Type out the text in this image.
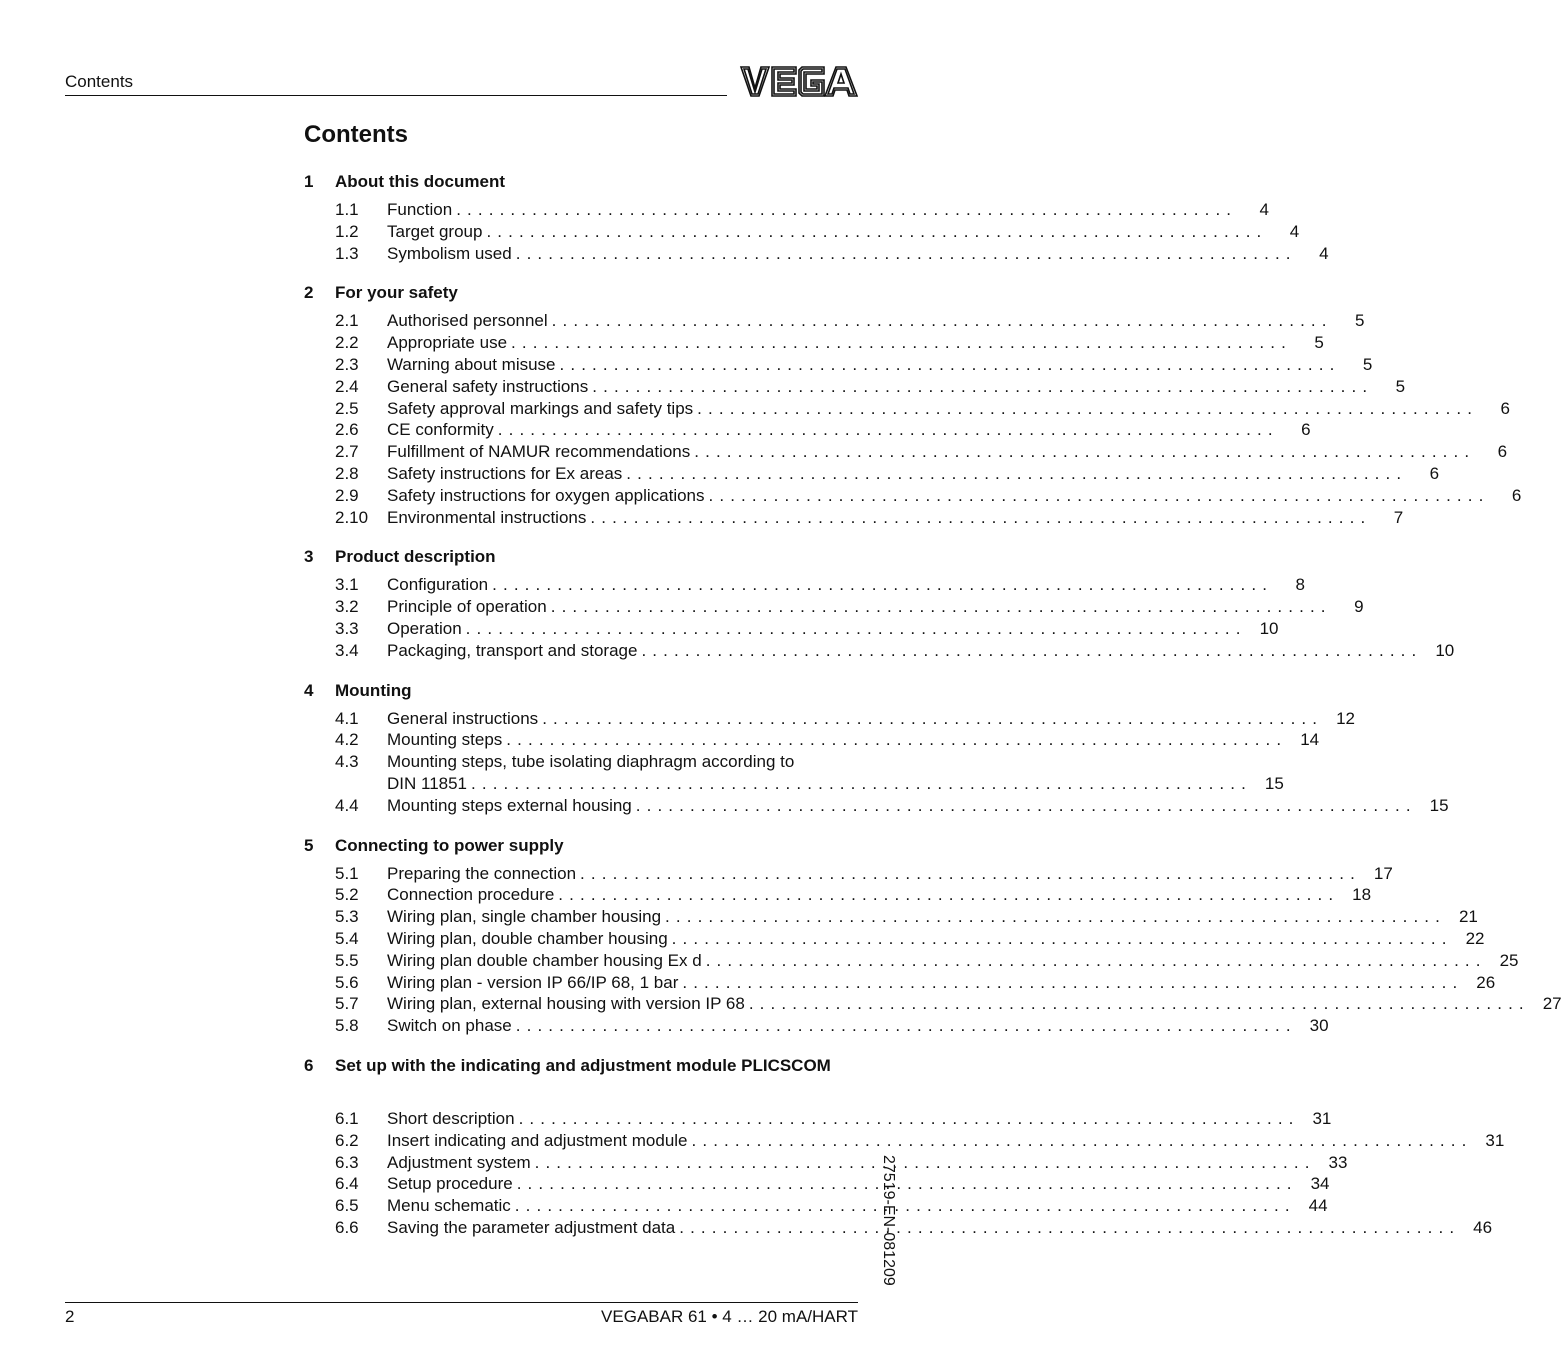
Contents
Contents
1	About this document
1.1	Function . . .	4
1.2	Target group . . .	4
1.3	Symbolism used . . .	4
2	For your safety
2.1	Authorised personnel . . .	5
2.2	Appropriate use . . .	5
2.3	Warning about misuse . . .	5
2.4	General safety instructions . . .	5
2.5	Safety approval markings and safety tips . . .	6
2.6	CE conformity . . .	6
2.7	Fulfillment of NAMUR recommendations . . .	6
2.8	Safety instructions for Ex areas . . .	6
2.9	Safety instructions for oxygen applications . . .	6
2.10	Environmental instructions . . .	7
3	Product description
3.1	Configuration . . .	8
3.2	Principle of operation . . .	9
3.3	Operation . . .	10
3.4	Packaging, transport and storage . . .	10
4	Mounting
4.1	General instructions . . .	12
4.2	Mounting steps . . .	14
4.3	Mounting steps, tube isolating diaphragm according to
DIN 11851 . . .	15
4.4	Mounting steps external housing . . .	15
5	Connecting to power supply
5.1	Preparing the connection . . .	17
5.2	Connection procedure . . .	18
5.3	Wiring plan, single chamber housing . . .	21
5.4	Wiring plan, double chamber housing . . .	22
5.5	Wiring plan double chamber housing Ex d . . .	25
5.6	Wiring plan - version IP 66/IP 68, 1 bar . . .	26
5.7	Wiring plan, external housing with version IP 68 . . .	27
5.8	Switch on phase . . .	30
6	Set up with the indicating and adjustment module PLICSCOM
6.1	Short description . . .	31
6.2	Insert indicating and adjustment module . . .	31
6.3	Adjustment system . . .	33
6.4	Setup procedure . . .	34
6.5	Menu schematic . . .	44
6.6	Saving the parameter adjustment data . . .	46
27519-EN-081209
2	VEGABAR 61 • 4 … 20 mA/HART
